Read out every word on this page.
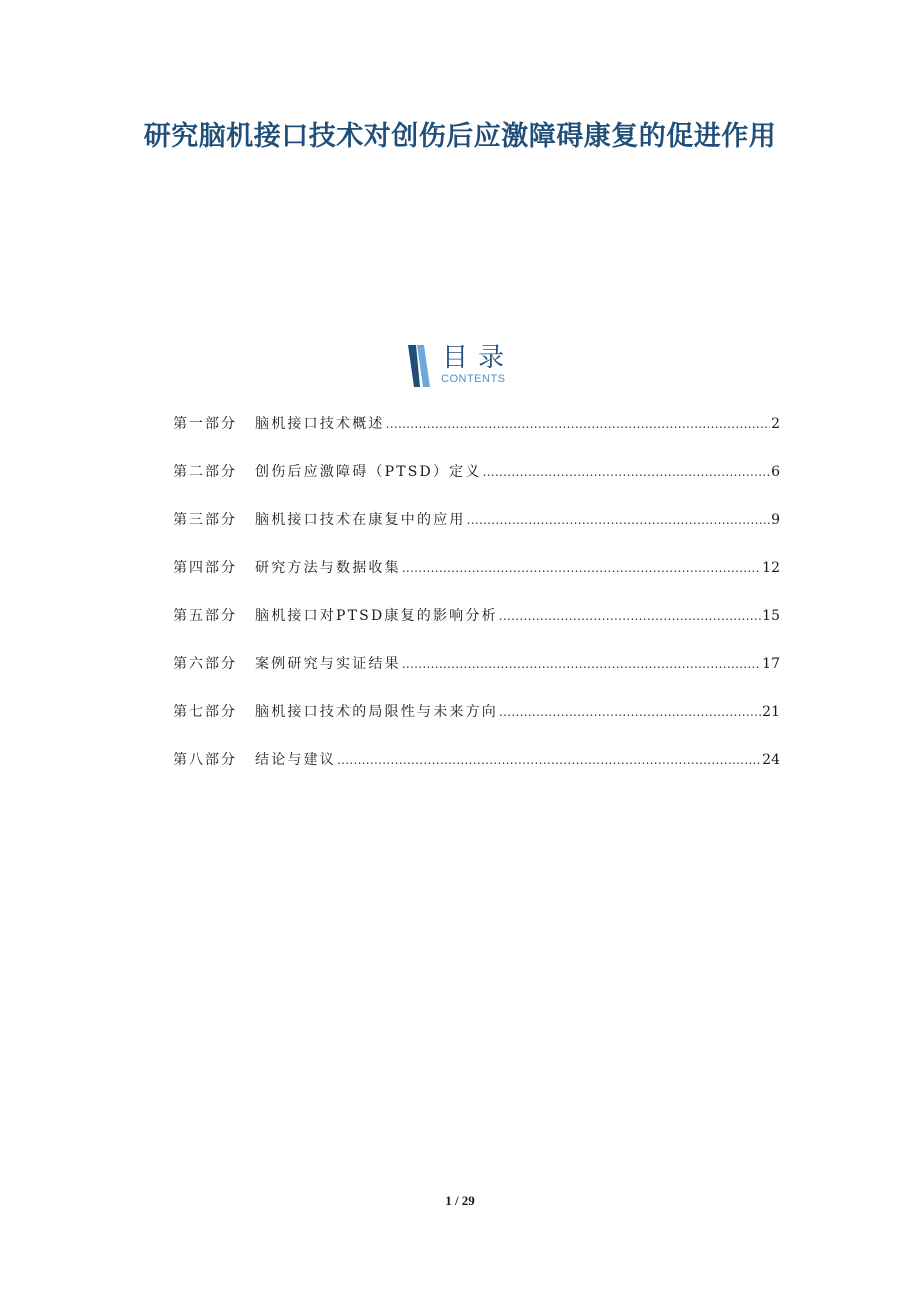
研究脑机接口技术对创伤后应激障碍康复的促进作用
目录
CONTENTS
第一部分	脑机接口技术概述 .....	2
第二部分	创伤后应激障碍（PTSD）定义 .....	6
第三部分	脑机接口技术在康复中的应用 .....	9
第四部分	研究方法与数据收集 .....	12
第五部分	脑机接口对PTSD康复的影响分析 .....	15
第六部分	案例研究与实证结果 .....	17
第七部分	脑机接口技术的局限性与未来方向 .....	21
第八部分	结论与建议 .....	24
1 / 29
